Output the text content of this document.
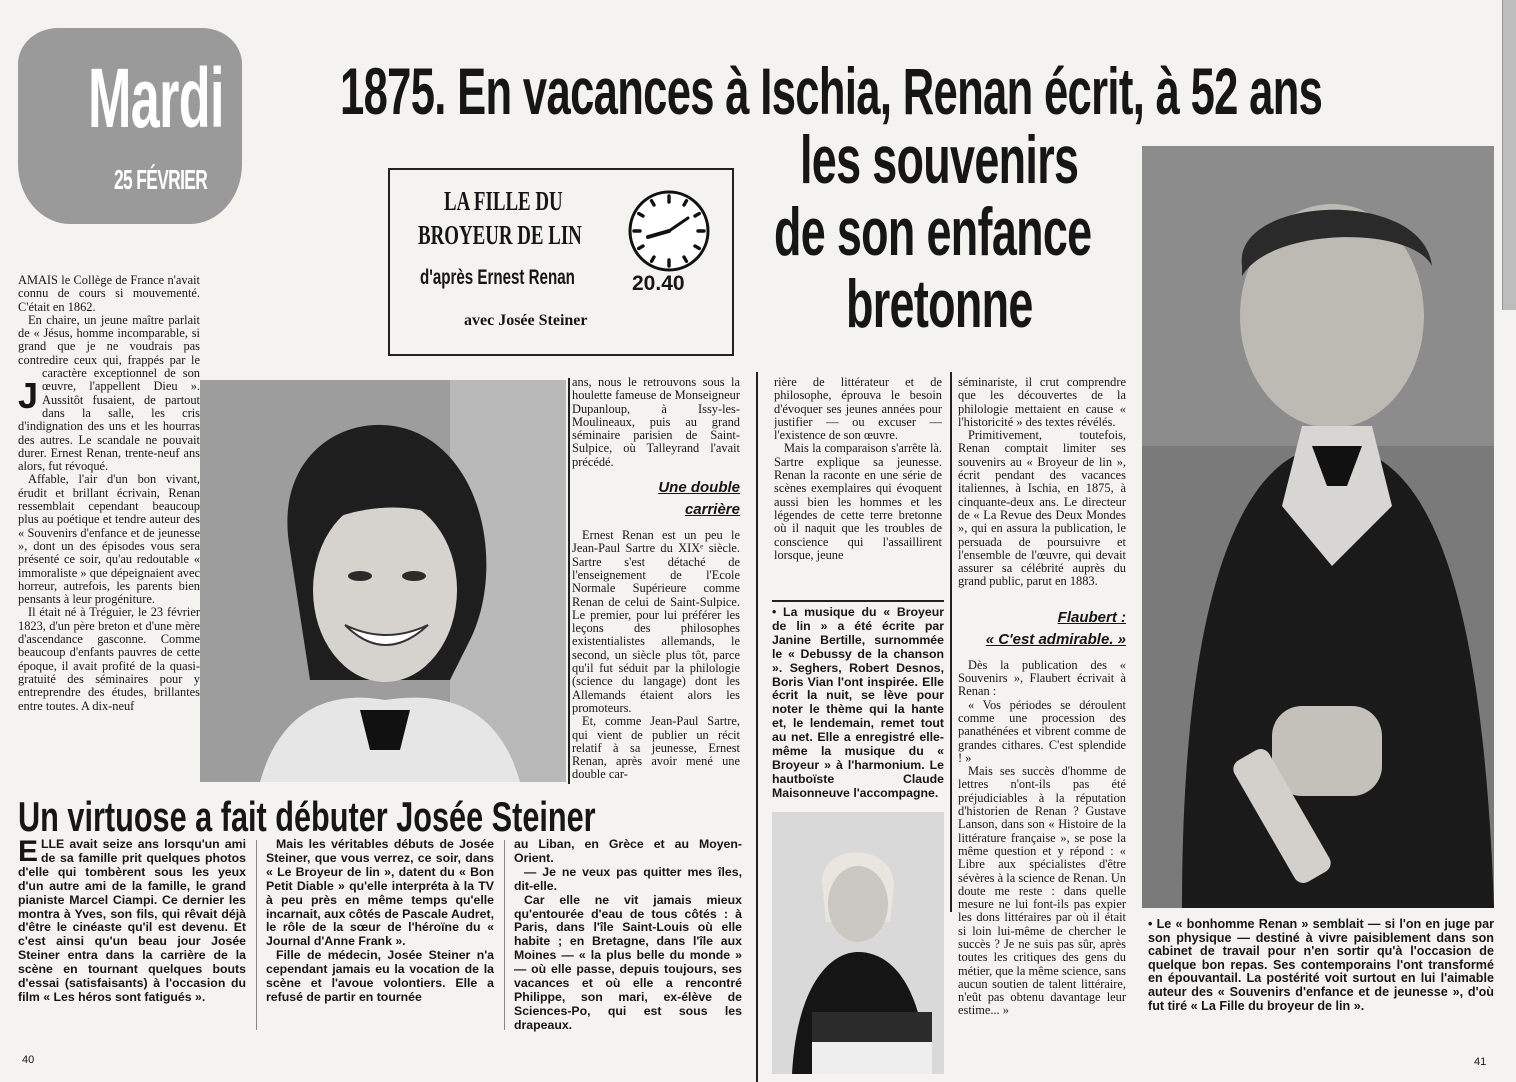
Mardi
25 FÉVRIER
1875. En vacances à Ischia, Renan écrit, à 52 ans
les souvenirs
de son enfance
bretonne
LA FILLE DU
BROYEUR DE LIN
d'après Ernest Renan	20.40
avec Josée Steiner
J

AMAIS le Collège de France n'avait connu de cours si mouvementé. C'était en 1862.

En chaire, un jeune maître parlait de « Jésus, homme incomparable, si grand que je ne voudrais pas contredire ceux qui, frappés par le caractère exceptionnel de son œuvre, l'appellent Dieu ». Aussitôt fusaient, de partout dans la salle, les cris d'indignation des uns et les hourras des autres. Le scandale ne pouvait durer. Ernest Renan, trente-neuf ans alors, fut révoqué.

Affable, l'air d'un bon vivant, érudit et brillant écrivain, Renan ressemblait cependant beaucoup plus au poétique et tendre auteur des « Souvenirs d'enfance et de jeunesse », dont un des épisodes vous sera présenté ce soir, qu'au redoutable « immoraliste » que dépeignaient avec horreur, autrefois, les parents bien pensants à leur progéniture.

Il était né à Tréguier, le 23 février 1823, d'un père breton et d'une mère d'ascendance gasconne. Comme beaucoup d'enfants pauvres de cette époque, il avait profité de la quasi-gratuité des séminaires pour y entreprendre des études, brillantes entre toutes. A dix-neuf

ans, nous le retrouvons sous la houlette fameuse de Monseigneur Dupanloup, à Issy-les-Moulineaux, puis au grand séminaire parisien de Saint-Sulpice, où Talleyrand l'avait précédé.

Une double
carrière

Ernest Renan est un peu le Jean-Paul Sartre du XIXᵉ siècle. Sartre s'est détaché de l'enseignement de l'Ecole Normale Supérieure comme Renan de celui de Saint-Sulpice. Le premier, pour lui préférer les leçons des philosophes existentialistes allemands, le second, un siècle plus tôt, parce qu'il fut séduit par la philologie (science du langage) dont les Allemands étaient alors les promoteurs.

Et, comme Jean-Paul Sartre, qui vient de publier un récit relatif à sa jeunesse, Ernest Renan, après avoir mené une double car-

rière de littérateur et de philosophe, éprouva le besoin d'évoquer ses jeunes années pour justifier — ou excuser — l'existence de son œuvre.

Mais la comparaison s'arrête là. Sartre explique sa jeunesse. Renan la raconte en une série de scènes exemplaires qui évoquent aussi bien les hommes et les légendes de cette terre bretonne où il naquit que les troubles de conscience qui l'assaillirent lorsque, jeune

• La musique du « Broyeur de lin » a été écrite par Janine Bertille, surnommée le « Debussy de la chanson ». Seghers, Robert Desnos, Boris Vian l'ont inspirée. Elle écrit la nuit, se lève pour noter le thème qui la hante et, le lendemain, remet tout au net. Elle a enregistré elle-même la musique du « Broyeur » à l'harmonium. Le hautboïste Claude Maisonneuve l'accompagne.

séminariste, il crut comprendre que les découvertes de la philologie mettaient en cause « l'historicité » des textes révélés.

Primitivement, toutefois, Renan comptait limiter ses souvenirs au « Broyeur de lin », écrit pendant des vacances italiennes, à Ischia, en 1875, à cinquante-deux ans. Le directeur de « La Revue des Deux Mondes », qui en assura la publication, le persuada de poursuivre et l'ensemble de l'œuvre, qui devait assurer sa célébrité auprès du grand public, parut en 1883.

Flaubert :
« C'est admirable. »

Dès la publication des « Souvenirs », Flaubert écrivait à Renan :

« Vos périodes se déroulent comme une procession des panathénées et vibrent comme de grandes cithares. C'est splendide ! »

Mais ses succès d'homme de lettres n'ont-ils pas été préjudiciables à la réputation d'historien de Renan ? Gustave Lanson, dans son « Histoire de la littérature française », se pose la même question et y répond : « Libre aux spécialistes d'être sévères à la science de Renan. Un doute me reste : dans quelle mesure ne lui font-ils pas expier les dons littéraires par où il était si loin lui-même de chercher le succès ? Je ne suis pas sûr, après toutes les critiques des gens du métier, que la même science, sans aucun soutien de talent littéraire, n'eût pas obtenu davantage leur estime... »

• Le « bonhomme Renan » semblait — si l'on en juge par son physique — destiné à vivre paisiblement dans son cabinet de travail pour n'en sortir qu'à l'occasion de quelque bon repas. Ses contemporains l'ont transformé en épouvantail. La postérité voit surtout en lui l'aimable auteur des « Souvenirs d'enfance et de jeunesse », d'où fut tiré « La Fille du broyeur de lin ».

Un virtuose a fait débuter Josée Steiner
E LLE avait seize ans lorsqu'un ami de sa famille prit quelques photos d'elle qui tombèrent sous les yeux d'un autre ami de la famille, le grand pianiste Marcel Ciampi. Ce dernier les montra à Yves, son fils, qui rêvait déjà d'être le cinéaste qu'il est devenu. Et c'est ainsi qu'un beau jour Josée Steiner entra dans la carrière de la scène en tournant quelques bouts d'essai (satisfaisants) à l'occasion du film « Les héros sont fatigués ».

Mais les véritables débuts de Josée Steiner, que vous verrez, ce soir, dans « Le Broyeur de lin », datent du « Bon Petit Diable » qu'elle interpréta à la TV à peu près en même temps qu'elle incarnait, aux côtés de Pascale Audret, le rôle de la sœur de l'héroïne du « Journal d'Anne Frank ».

Fille de médecin, Josée Steiner n'a cependant jamais eu la vocation de la scène et l'avoue volontiers. Elle a refusé de partir en tournée

au Liban, en Grèce et au Moyen-Orient.

— Je ne veux pas quitter mes îles, dit-elle.

Car elle ne vit jamais mieux qu'entourée d'eau de tous côtés : à Paris, dans l'île Saint-Louis où elle habite ; en Bretagne, dans l'île aux Moines — « la plus belle du monde » — où elle passe, depuis toujours, ses vacances et où elle a rencontré Philippe, son mari, ex-élève de Sciences-Po, qui est sous les drapeaux.

40	41
